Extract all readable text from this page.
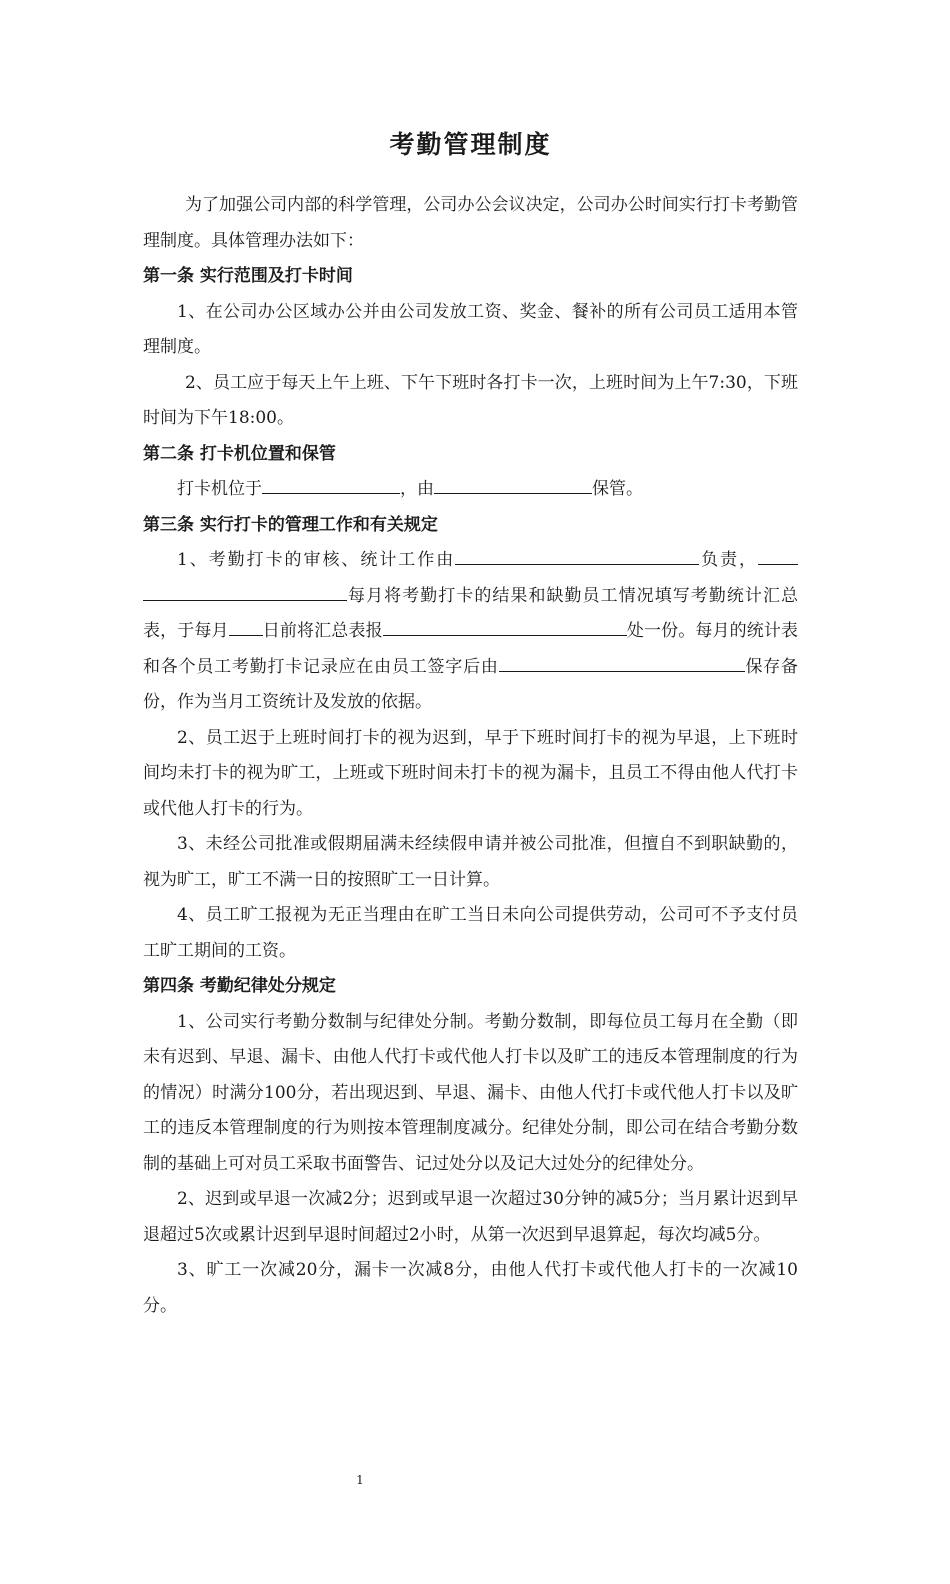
考勤管理制度

为了加强公司内部的科学管理，公司办公会议决定，公司办公时间实行打卡考勤管理制度。具体管理办法如下：

第一条 实行范围及打卡时间

1、在公司办公区域办公并由公司发放工资、奖金、餐补的所有公司员工适用本管理制度。

2、员工应于每天上午上班、下午下班时各打卡一次，上班时间为上午7:30，下班时间为下午18:00。

第二条 打卡机位置和保管

打卡机位于	，由	保管。

第三条 实行打卡的管理工作和有关规定

1、考勤打卡的审核、统计工作由	负责，每月将考勤打卡的结果和缺勤员工情况填写考勤统计汇总表，于每月 日前将汇总表报	处一份。每月的统计表和各个员工考勤打卡记录应在由员工签字后由	保存备份，作为当月工资统计及发放的依据。

2、员工迟于上班时间打卡的视为迟到，早于下班时间打卡的视为早退，上下班时间均未打卡的视为旷工，上班或下班时间未打卡的视为漏卡，且员工不得由他人代打卡或代他人打卡的行为。

3、未经公司批准或假期届满未经续假申请并被公司批准，但擅自不到职缺勤的，视为旷工，旷工不满一日的按照旷工一日计算。

4、员工旷工报视为无正当理由在旷工当日未向公司提供劳动，公司可不予支付员工旷工期间的工资。

第四条 考勤纪律处分规定

1、公司实行考勤分数制与纪律处分制。考勤分数制，即每位员工每月在全勤（即未有迟到、早退、漏卡、由他人代打卡或代他人打卡以及旷工的违反本管理制度的行为的情况）时满分100分，若出现迟到、早退、漏卡、由他人代打卡或代他人打卡以及旷工的违反本管理制度的行为则按本管理制度减分。纪律处分制，即公司在结合考勤分数制的基础上可对员工采取书面警告、记过处分以及记大过处分的纪律处分。

2、迟到或早退一次减2分；迟到或早退一次超过30分钟的减5分；当月累计迟到早退超过5次或累计迟到早退时间超过2小时，从第一次迟到早退算起，每次均减5分。

3、旷工一次减20分，漏卡一次减8分，由他人代打卡或代他人打卡的一次减10分。

1
